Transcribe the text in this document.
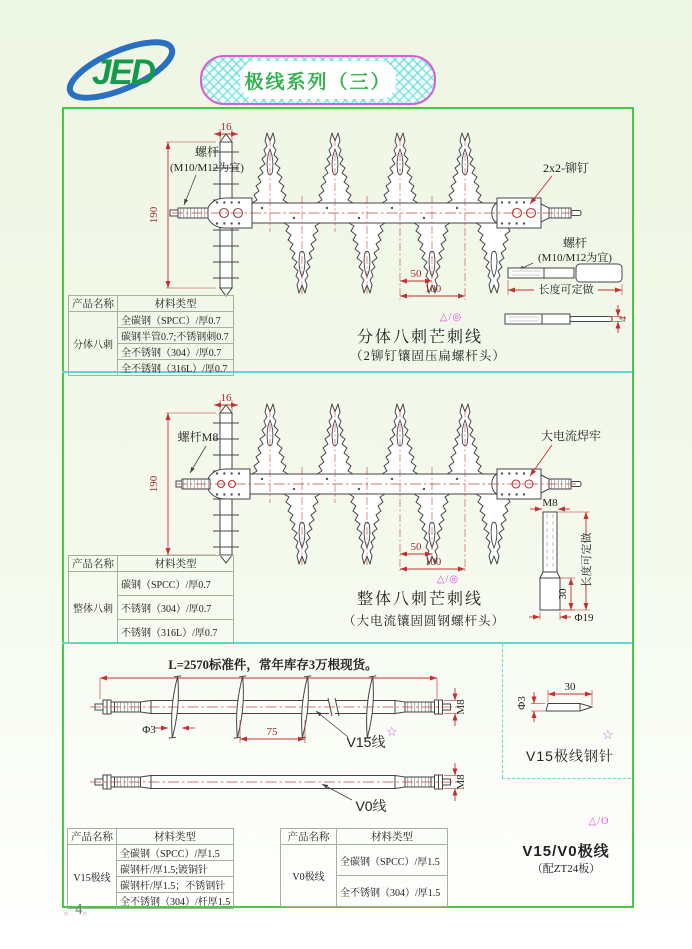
JED	极线系列（三）
16
190
螺杆
(M10/M12为宜)	2x2-铆钉
50
100
螺杆
(M10/M12为宜)
长度可定做
4
16
190
螺杆M8	大电流焊牢
50
100
M8
30
长度可定做
Φ19
Φ3	75
M8
M8
30
Φ3
△/◎
分体八刺芒刺线
（2铆钉镶固压扁螺杆头）
△/◎
整体八刺芒刺线
（大电流镶固圆钢螺杆头）
L=2570标准件，常年库存3万根现货。
V15线
☆
V0线
☆
V15极线钢针
△/O
V15/V0极线
（配ZT24板）
产品名称	材料类型
分体八刺	全碳钢（SPCC）/厚0.7
	碳钢半管0.7;不锈钢刺0.7
	全不锈钢（304）/厚0.7
	全不锈钢（316L）/厚0.7
产品名称	材料类型
整体八刺	碳钢（SPCC）/厚0.7
	不锈钢（304）/厚0.7
	不锈钢（316L）/厚0.7
产品名称	材料类型
V15极线	全碳钢（SPCC）/厚1.5
	碳钢杆/厚1.5;镀铜针
	碳钢杆/厚1.5；不锈钢针
	全不锈钢（304）/杆厚1.5
产品名称	材料类型
V0极线	全碳钢（SPCC）/厚1.5
	全不锈钢（304）/厚1.5
。4。
